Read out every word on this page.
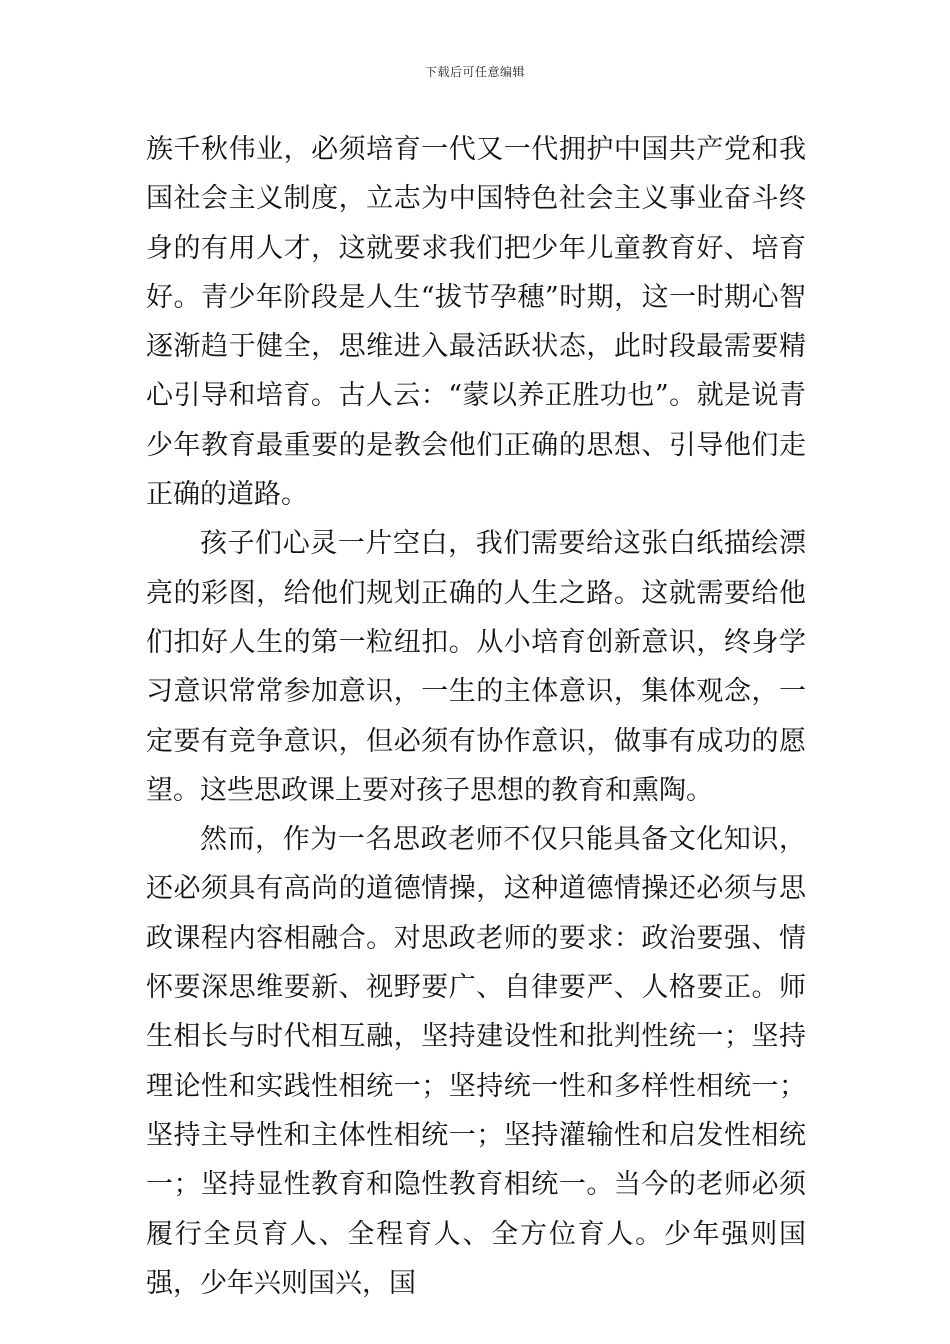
下载后可任意编辑

族千秋伟业，必须培育一代又一代拥护中国共产党和我国社会主义制度，立志为中国特色社会主义事业奋斗终身的有用人才，这就要求我们把少年儿童教育好、培育好。青少年阶段是人生“拔节孕穗”时期，这一时期心智逐渐趋于健全，思维进入最活跃状态，此时段最需要精心引导和培育。古人云：“蒙以养正胜功也”。就是说青少年教育最重要的是教会他们正确的思想、引导他们走正确的道路。

孩子们心灵一片空白，我们需要给这张白纸描绘漂亮的彩图，给他们规划正确的人生之路。这就需要给他们扣好人生的第一粒纽扣。从小培育创新意识，终身学习意识常常参加意识，一生的主体意识，集体观念，一定要有竞争意识，但必须有协作意识，做事有成功的愿望。这些思政课上要对孩子思想的教育和熏陶。

然而，作为一名思政老师不仅只能具备文化知识，还必须具有高尚的道德情操，这种道德情操还必须与思政课程内容相融合。对思政老师的要求：政治要强、情怀要深思维要新、视野要广、自律要严、人格要正。师生相长与时代相互融，坚持建设性和批判性统一；坚持理论性和实践性相统一；坚持统一性和多样性相统一；坚持主导性和主体性相统一；坚持灌输性和启发性相统一；坚持显性教育和隐性教育相统一。当今的老师必须履行全员育人、全程育人、全方位育人。少年强则国强，少年兴则国兴，国
